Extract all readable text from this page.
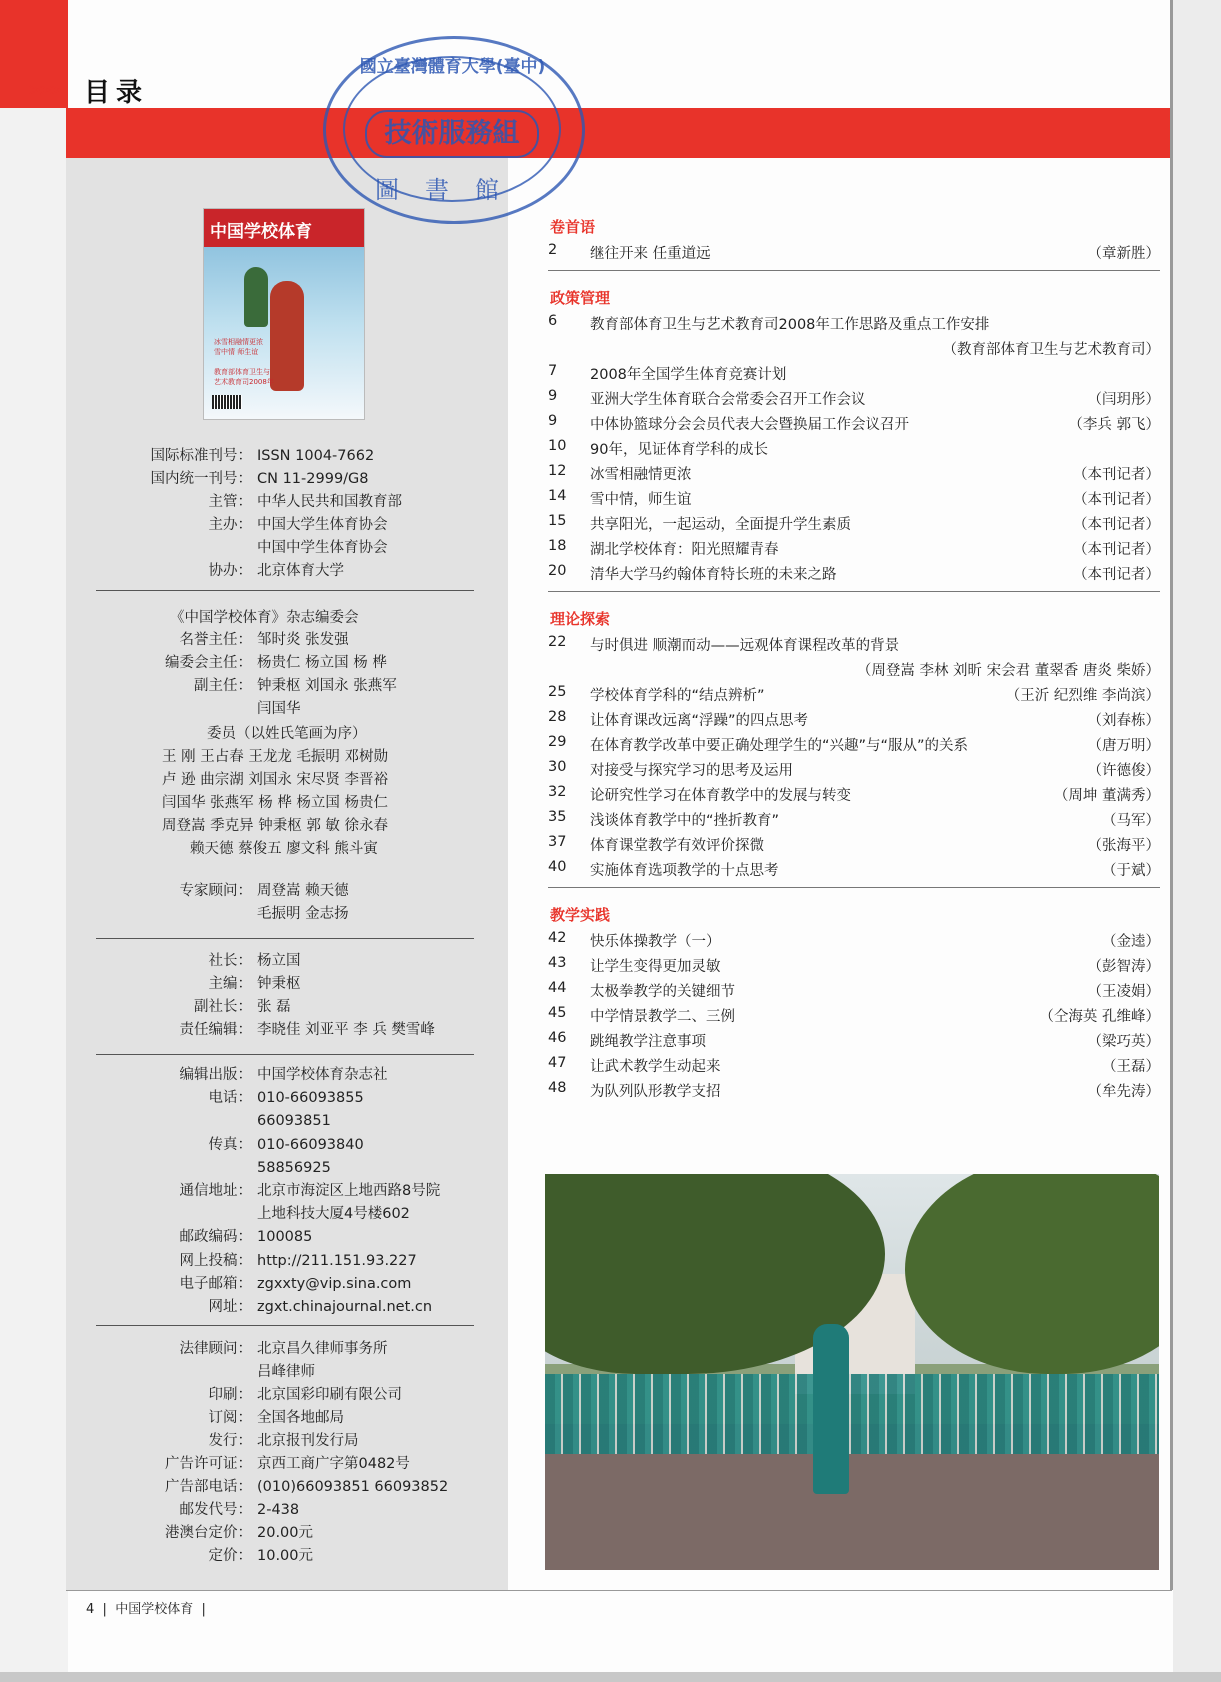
>>> 目录
中国学校体育
冰雪相融情更浓
雪中情 师生谊
教育部体育卫生与
艺术教育司2008年
国际标准刊号： ISSN 1004-7662
国内统一刊号： CN 11-2999/G8
主管： 中华人民共和国教育部
主办： 中国大学生体育协会
中国中学生体育协会
协办： 北京体育大学
《中国学校体育》杂志编委会
名誉主任： 邹时炎 张发强
编委会主任： 杨贵仁 杨立国 杨 桦
副主任： 钟秉枢 刘国永 张燕军
闫国华
委员（以姓氏笔画为序）
王 刚 王占春 王龙龙 毛振明 邓树勋
卢 逊 曲宗湖 刘国永 宋尽贤 李晋裕
闫国华 张燕军 杨 桦 杨立国 杨贵仁
周登嵩 季克异 钟秉枢 郭 敏 徐永春
赖天德 蔡俊五 廖文科 熊斗寅
专家顾问： 周登嵩 赖天德
毛振明 金志扬
社长： 杨立国
主编： 钟秉枢
副社长： 张 磊
责任编辑： 李晓佳 刘亚平 李 兵 樊雪峰
编辑出版： 中国学校体育杂志社
电话： 010-66093855
66093851
传真： 010-66093840
58856925
通信地址： 北京市海淀区上地西路8号院
上地科技大厦4号楼602
邮政编码： 100085
网上投稿： http://211.151.93.227
电子邮箱： zgxxty@vip.sina.com
网址： zgxt.chinajournal.net.cn
法律顾问： 北京昌久律师事务所
吕峰律师
印刷： 北京国彩印刷有限公司
订阅： 全国各地邮局
发行： 北京报刊发行局
广告许可证： 京西工商广字第0482号
广告部电话： (010)66093851 66093852
邮发代号： 2-438
港澳台定价： 20.00元
定价： 10.00元
卷首语
2 继往开来 任重道远	（章新胜）
政策管理
6 教育部体育卫生与艺术教育司2008年工作思路及重点工作安排
（教育部体育卫生与艺术教育司）
7 2008年全国学生体育竞赛计划
9 亚洲大学生体育联合会常委会召开工作会议	（闫玥彤）
9 中体协篮球分会会员代表大会暨换届工作会议召开	（李兵 郭飞）
10 90年，见证体育学科的成长
12 冰雪相融情更浓	（本刊记者）
14 雪中情，师生谊	（本刊记者）
15 共享阳光，一起运动，全面提升学生素质	（本刊记者）
18 湖北学校体育：阳光照耀青春	（本刊记者）
20 清华大学马约翰体育特长班的未来之路	（本刊记者）
理论探索
22 与时俱进 顺潮而动——远观体育课程改革的背景
（周登嵩 李林 刘昕 宋会君 董翠香 唐炎 柴娇）
25 学校体育学科的“结点辨析”	（王沂 纪烈维 李尚滨）
28 让体育课改远离“浮躁”的四点思考	（刘春栋）
29 在体育教学改革中要正确处理学生的“兴趣”与“服从”的关系	（唐万明）
30 对接受与探究学习的思考及运用	（许德俊）
32 论研究性学习在体育教学中的发展与转变	（周坤 董满秀）
35 浅谈体育教学中的“挫折教育”	（马军）
37 体育课堂教学有效评价探微	（张海平）
40 实施体育选项教学的十点思考	（于斌）
教学实践
42 快乐体操教学（一）	（金逵）
43 让学生变得更加灵敏	（彭智涛）
44 太极拳教学的关键细节	（王凌娟）
45 中学情景教学二、三例	（仝海英 孔维峰）
46 跳绳教学注意事项	（梁巧英）
47 让武术教学生动起来	（王磊）
48 为队列队形教学支招	（牟先涛）
國立臺灣體育大學(臺中)
技術服務組
圖書館
4  |  中国学校体育  |
